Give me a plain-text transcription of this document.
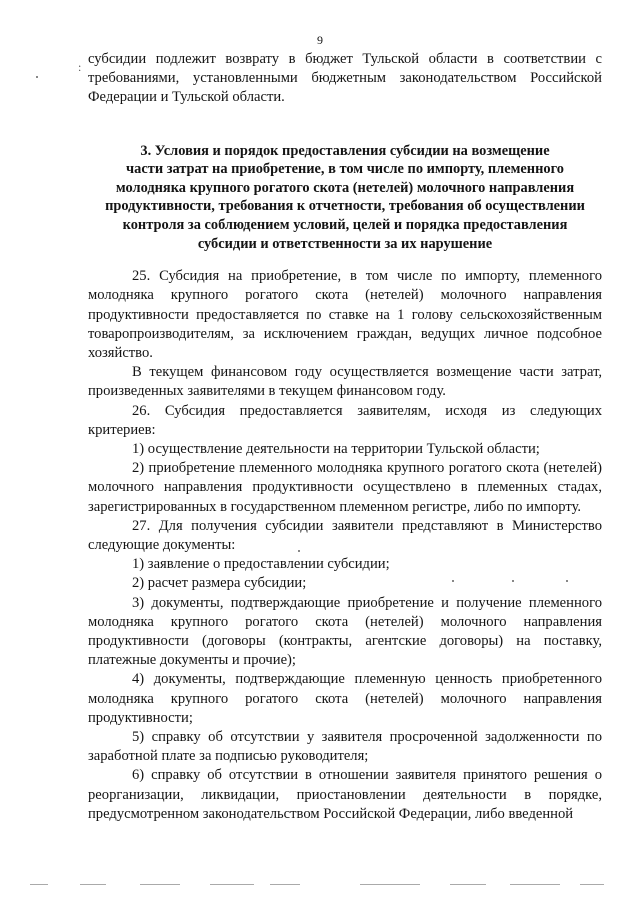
9
: субсидии подлежит возврату в бюджет Тульской области в соответствии с требованиями, установленными бюджетным законодательством Российской Федерации и Тульской области.

3. Условия и порядок предоставления субсидии на возмещение
части затрат на приобретение, в том числе по импорту, племенного
молодняка крупного рогатого скота (нетелей) молочного направления
продуктивности, требования к отчетности, требования об осуществлении
контроля за соблюдением условий, целей и порядка предоставления
субсидии и ответственности за их нарушение

25. Субсидия на приобретение, в том числе по импорту, племенного молодняка крупного рогатого скота (нетелей) молочного направления продуктивности предоставляется по ставке на 1 голову сельскохозяйственным товаропроизводителям, за исключением граждан, ведущих личное подсобное хозяйство.

В текущем финансовом году осуществляется возмещение части затрат, произведенных заявителями в текущем финансовом году.

26. Субсидия предоставляется заявителям, исходя из следующих критериев:

1) осуществление деятельности на территории Тульской области;

2) приобретение племенного молодняка крупного рогатого скота (нетелей) молочного направления продуктивности осуществлено в племенных стадах, зарегистрированных в государственном племенном регистре, либо по импорту.

27. Для получения субсидии заявители представляют в Министерство следующие документы:

1) заявление о предоставлении субсидии;

2) расчет размера субсидии;

3) документы, подтверждающие приобретение и получение племенного молодняка крупного рогатого скота (нетелей) молочного направления продуктивности (договоры (контракты, агентские договоры) на поставку, платежные документы и прочие);

4) документы, подтверждающие племенную ценность приобретенного молодняка крупного рогатого скота (нетелей) молочного направления продуктивности;

5) справку об отсутствии у заявителя просроченной задолженности по заработной плате за подписью руководителя;

6) справку об отсутствии в отношении заявителя принятого решения о реорганизации, ликвидации, приостановлении деятельности в порядке, предусмотренном законодательством Российской Федерации, либо введенной
